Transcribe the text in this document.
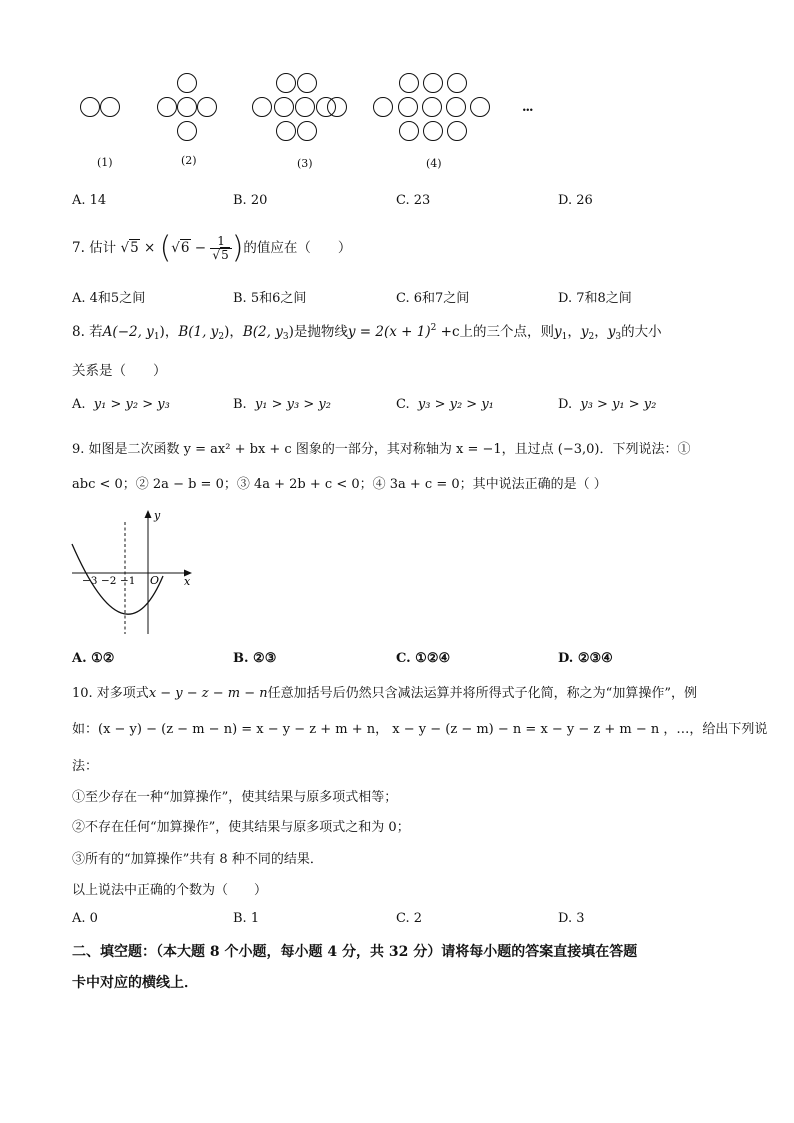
...
(1)	(2)	(3)	(4)
A. 14	B. 20	C. 23	D. 26
7. 估计 $√5 \times (√6 - \frac{1}{√5}$ )的值应在（　　）
A. 4和5之间	B. 5和6之间	C. 6和7之间	D. 7和8之间
8. 若A(−2, $y_1$)，B(1, $y_2$)，B(2, $y_3$)是抛物线$y = 2(x + 1)^2 +c$上的三个点，则$y_1$，$y_2$，$y_3$的大小
关系是（　　）
A. y₁ > y₂ > y₃	B. y₁ > y₃ > y₂	C. y₃ > y₂ > y₁	D. y₃ > y₁ > y₂
9. 如图是二次函数 y = ax² + bx + c 图象的一部分，其对称轴为 x = −1，且过点 (−3,0)．下列说法：①
abc < 0；② 2a − b = 0；③ 4a + 2b + c < 0；④ 3a + c = 0；其中说法正确的是（ ）
y
x
O
−3 −2 −1
A. ①②	B. ②③	C. ①②④	D. ②③④
10. 对多项式x − y − z − m − n任意加括号后仍然只含减法运算并将所得式子化简，称之为“加算操作”，例
如：(x − y) − (z − m − n) = x − y − z + m + n， x − y − (z − m) − n = x − y − z + m − n ，…，给出下列说
法：
①至少存在一种“加算操作”，使其结果与原多项式相等；
②不存在任何“加算操作”，使其结果与原多项式之和为 0；
③所有的“加算操作”共有 8 种不同的结果．
以上说法中正确的个数为（　　）
A. 0	B. 1	C. 2	D. 3
二、填空题：（本大题 8 个小题，每小题 4 分，共 32 分）请将每小题的答案直接填在答题
卡中对应的横线上．
